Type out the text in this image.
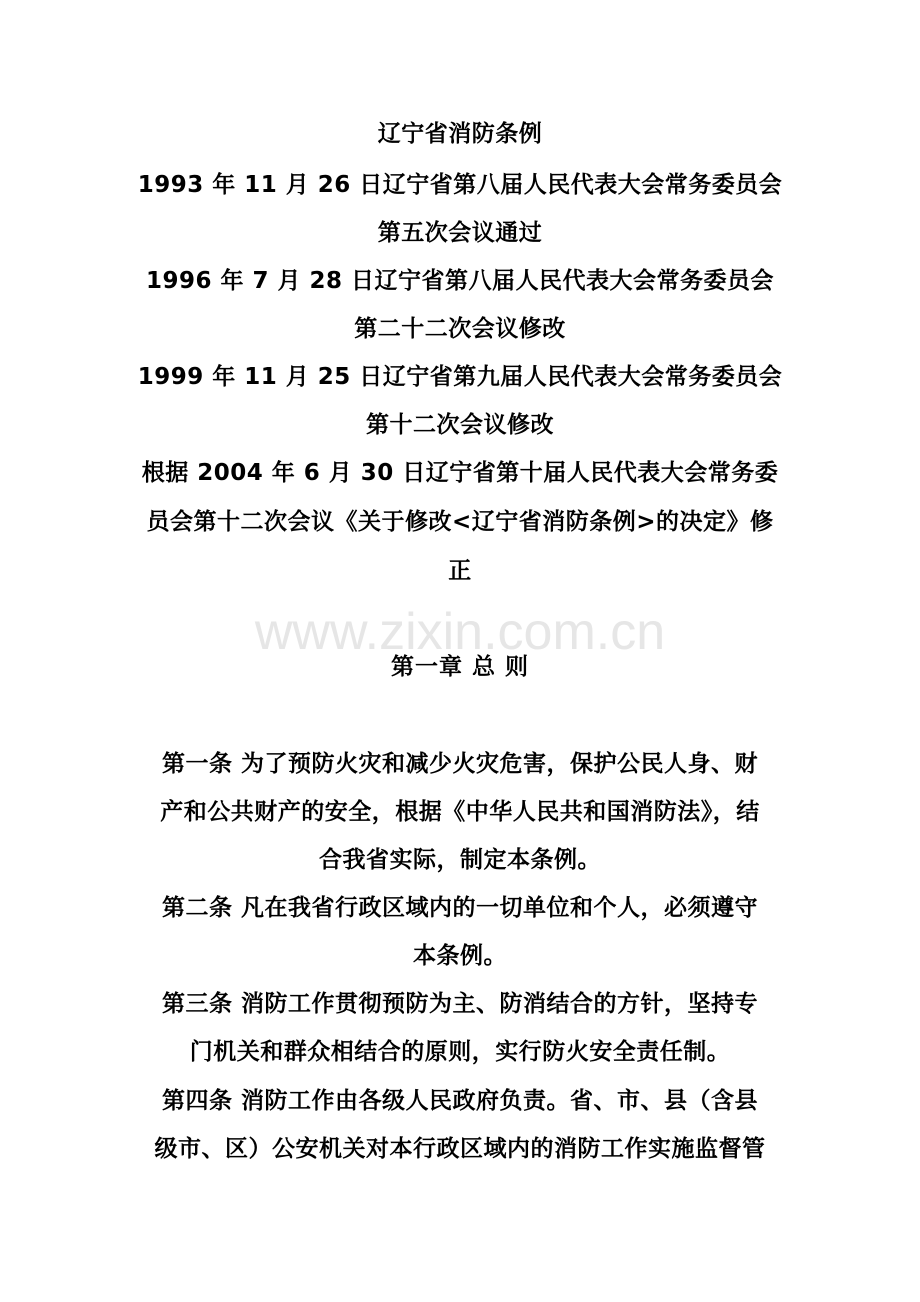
辽宁省消防条例
1993 年 11 月 26 日辽宁省第八届人民代表大会常务委员会
第五次会议通过
1996 年 7 月 28 日辽宁省第八届人民代表大会常务委员会
第二十二次会议修改
1999 年 11 月 25 日辽宁省第九届人民代表大会常务委员会
第十二次会议修改
根据 2004 年 6 月 30 日辽宁省第十届人民代表大会常务委
员会第十二次会议《关于修改<辽宁省消防条例>的决定》修
正
www.zixin.com.cn
第一章 总 则
第一条 为了预防火灾和减少火灾危害，保护公民人身、财
产和公共财产的安全，根据《中华人民共和国消防法》，结
合我省实际，制定本条例。
第二条 凡在我省行政区域内的一切单位和个人，必须遵守
本条例。
第三条 消防工作贯彻预防为主、防消结合的方针，坚持专
门机关和群众相结合的原则，实行防火安全责任制。
第四条 消防工作由各级人民政府负责。省、市、县（含县
级市、区）公安机关对本行政区域内的消防工作实施监督管
